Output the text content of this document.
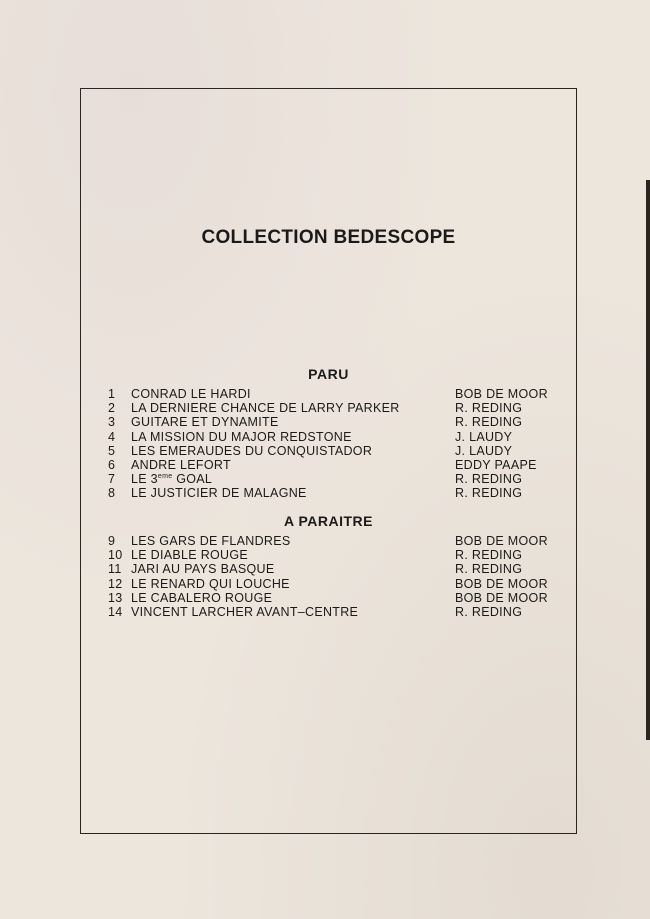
COLLECTION BEDESCOPE
PARU
1	CONRAD LE HARDI	BOB DE MOOR
2	LA DERNIERE CHANCE DE LARRY PARKER	R. REDING
3	GUITARE ET DYNAMITE	R. REDING
4	LA MISSION DU MAJOR REDSTONE	J. LAUDY
5	LES EMERAUDES DU CONQUISTADOR	J. LAUDY
6	ANDRE LEFORT	EDDY PAAPE
7	LE 3eme GOAL	R. REDING
8	LE JUSTICIER DE MALAGNE	R. REDING
A PARAITRE
9	LES GARS DE FLANDRES	BOB DE MOOR
10 LE DIABLE ROUGE	R. REDING
11 JARI AU PAYS BASQUE	R. REDING
12 LE RENARD QUI LOUCHE	BOB DE MOOR
13 LE CABALERO ROUGE	BOB DE MOOR
14 VINCENT LARCHER AVANT–CENTRE	R. REDING
